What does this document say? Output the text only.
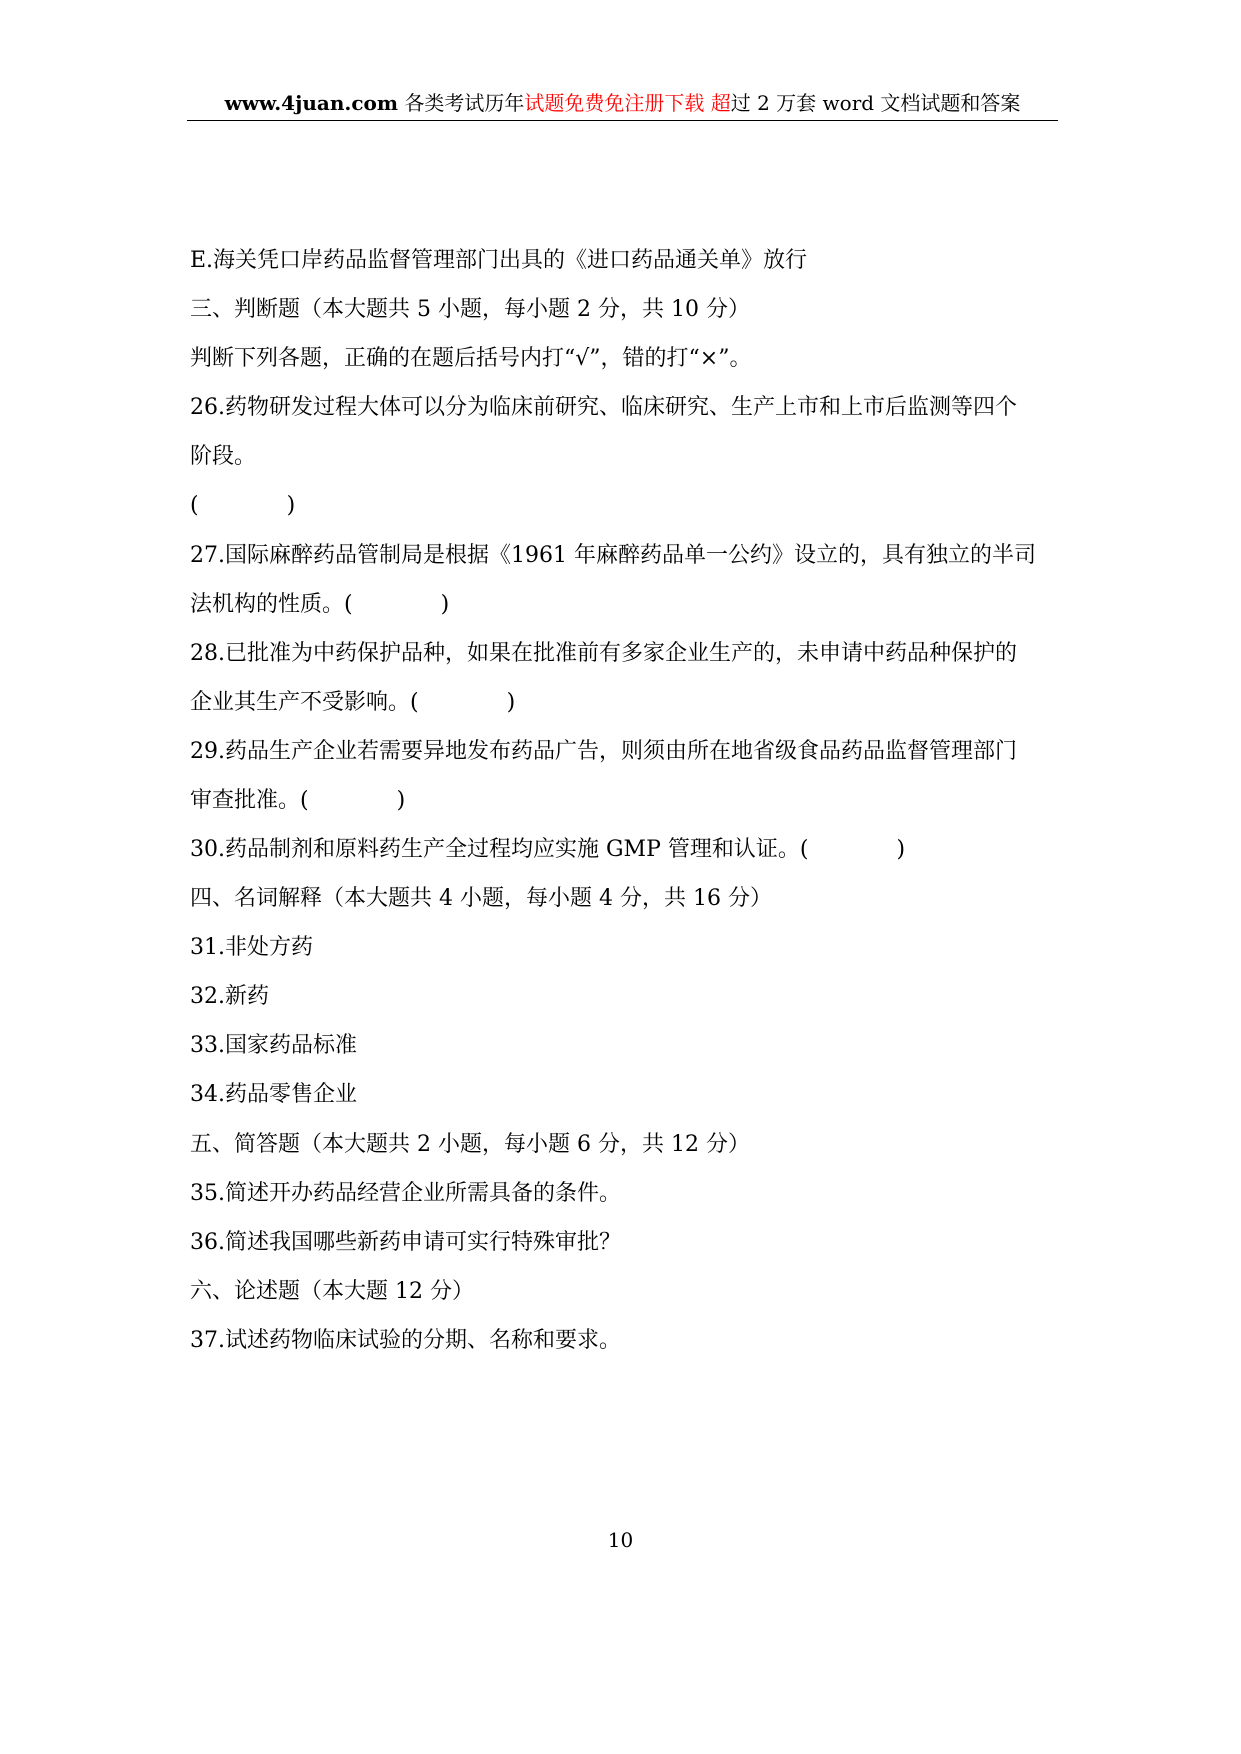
www.4juan.com 各类考试历年试题免费免注册下载 超过 2 万套 word 文档试题和答案
E.海关凭口岸药品监督管理部门出具的《进口药品通关单》放行
三、判断题（本大题共 5 小题，每小题 2 分，共 10 分）
判断下列各题，正确的在题后括号内打“√”，错的打“×”。
26.药物研发过程大体可以分为临床前研究、临床研究、生产上市和上市后监测等四个
阶段。
(　　　　)
27.国际麻醉药品管制局是根据《1961 年麻醉药品单一公约》设立的，具有独立的半司
法机构的性质。(　　　　)
28.已批准为中药保护品种，如果在批准前有多家企业生产的，未申请中药品种保护的
企业其生产不受影响。(　　　　)
29.药品生产企业若需要异地发布药品广告，则须由所在地省级食品药品监督管理部门
审查批准。(　　　　)
30.药品制剂和原料药生产全过程均应实施 GMP 管理和认证。(　　　　)
四、名词解释（本大题共 4 小题，每小题 4 分，共 16 分）
31.非处方药
32.新药
33.国家药品标准
34.药品零售企业
五、简答题（本大题共 2 小题，每小题 6 分，共 12 分）
35.简述开办药品经营企业所需具备的条件。
36.简述我国哪些新药申请可实行特殊审批？
六、论述题（本大题 12 分）
37.试述药物临床试验的分期、名称和要求。
10
